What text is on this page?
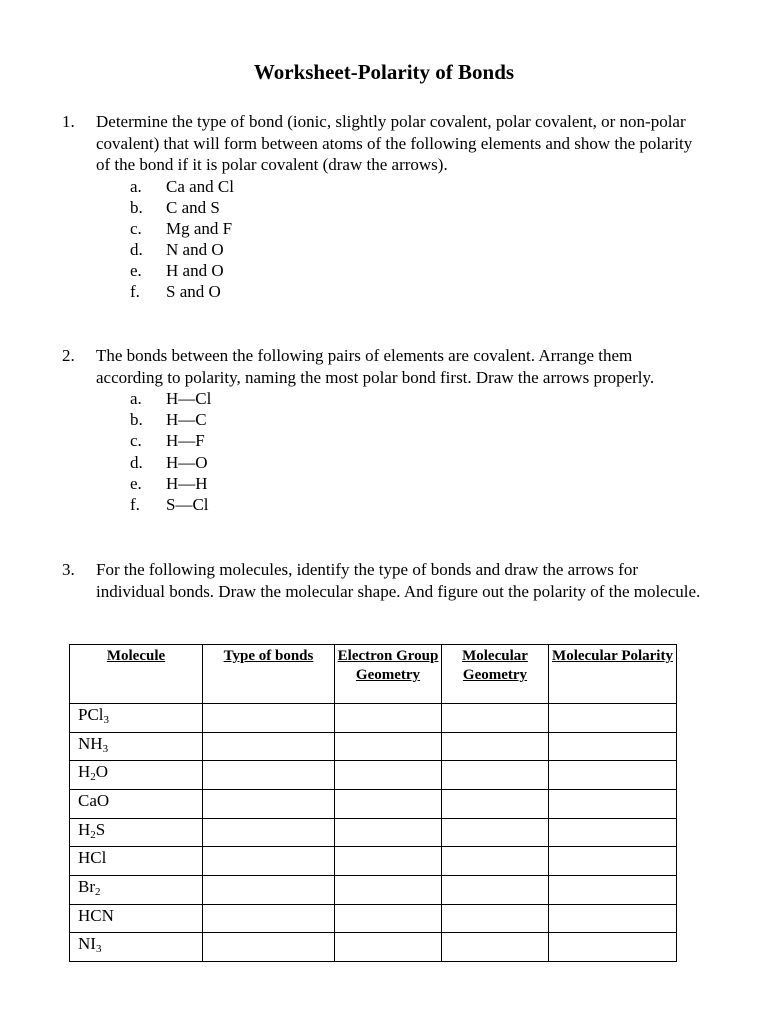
Worksheet-Polarity of Bonds
1. Determine the type of bond (ionic, slightly polar covalent, polar covalent, or non-polar covalent) that will form between atoms of the following elements and show the polarity of the bond if it is polar covalent (draw the arrows).
a. Ca and Cl
b. C and S
c. Mg and F
d. N and O
e. H and O
f. S and O
2. The bonds between the following pairs of elements are covalent. Arrange them according to polarity, naming the most polar bond first. Draw the arrows properly.
a. H—Cl
b. H—C
c. H—F
d. H—O
e. H—H
f. S—Cl
3. For the following molecules, identify the type of bonds and draw the arrows for individual bonds. Draw the molecular shape. And figure out the polarity of the molecule.
Molecule	Type of bonds	Electron Group Geometry	Molecular Geometry	Molecular Polarity
PCl$_3$				
$NH_3$				
$H_2O$				
CaO				
$H_2S$				
HCl				
$Br_2$				
HCN				
$NI_3$				
